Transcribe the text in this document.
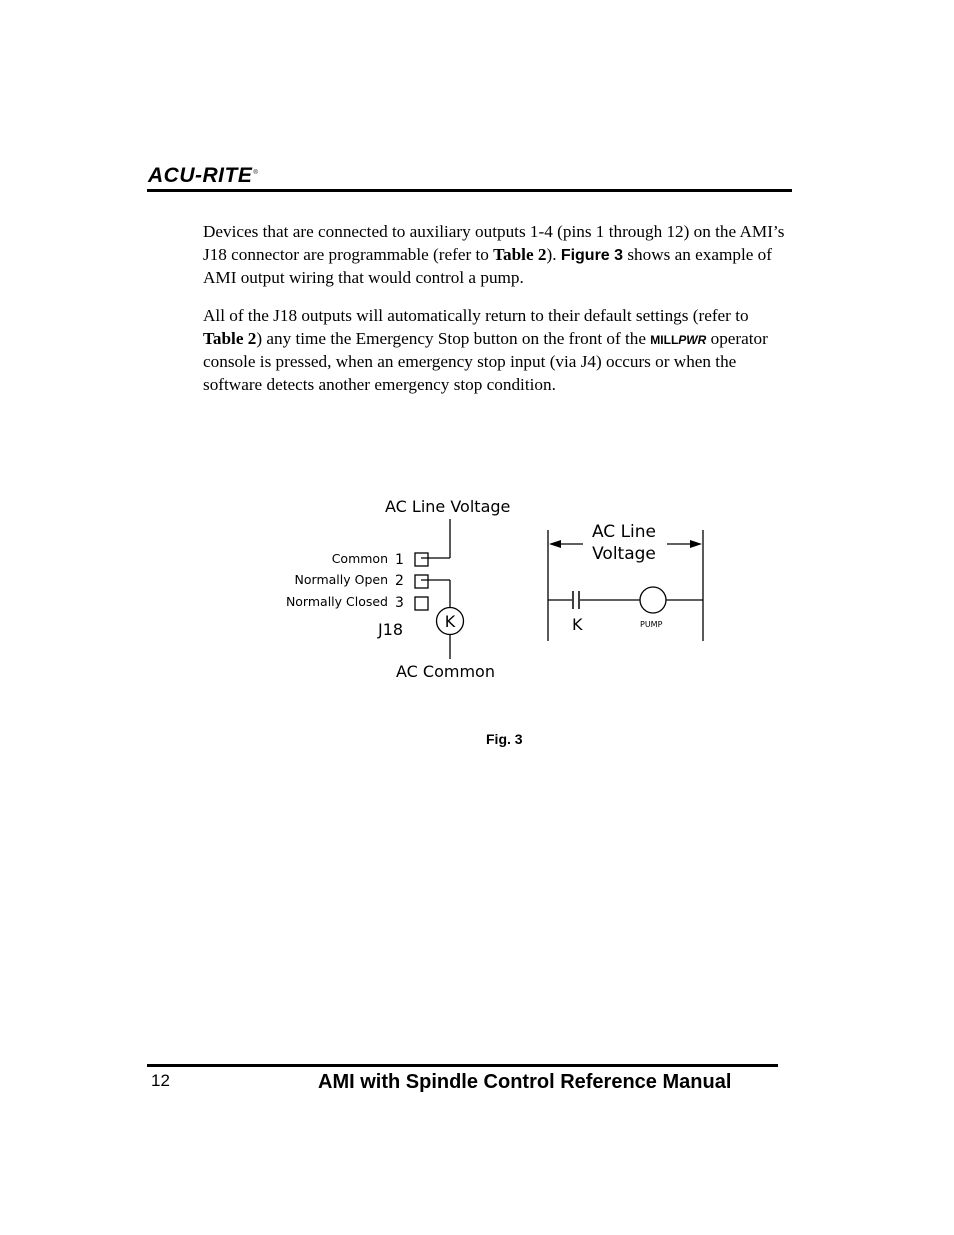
ACU-RITE®

Devices that are connected to auxiliary outputs 1-4 (pins 1 through 12) on the AMI’s J18 connector are programmable (refer to Table 2). Figure 3 shows an example of AMI output wiring that would control a pump.

All of the J18 outputs will automatically return to their default settings (refer to Table 2) any time the Emergency Stop button on the front of the MILLPWR operator console is pressed, when an emergency stop input (via J4) occurs or when the software detects another emergency stop condition.

AC Line Voltage
Common
Normally Open
Normally Closed
1
2
3
K
J18
AC Common
AC Line
Voltage
K	PUMP
Fig. 3
12	AMI with Spindle Control Reference Manual
